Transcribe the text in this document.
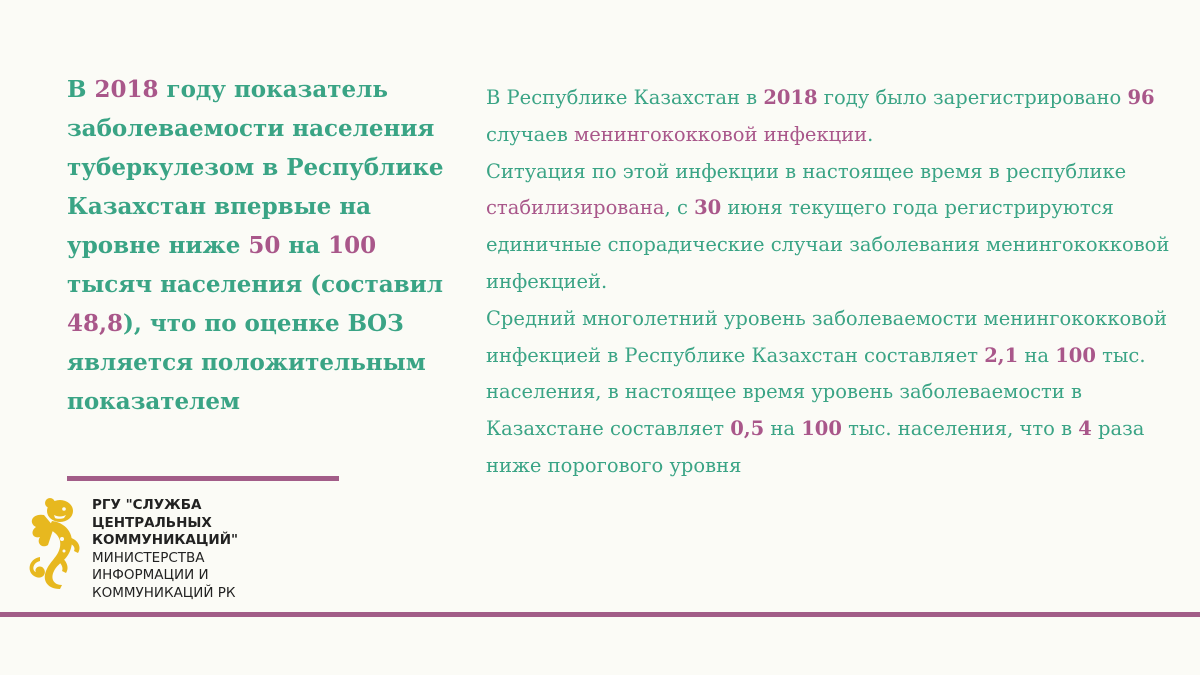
В 2018 году показатель заболеваемости населения туберкулезом в Республике Казахстан впервые на уровне ниже 50 на 100 тысяч населения (составил 48,8), что по оценке ВОЗ является положительным показателем

В Республике Казахстан в 2018 году было зарегистрировано 96 случаев менингококковой инфекции.
Ситуация по этой инфекции в настоящее время в республике стабилизирована, с 30 июня текущего года регистрируются единичные спорадические случаи заболевания менингококковой инфекцией.
Средний многолетний уровень заболеваемости менингококковой инфекцией в Республике Казахстан составляет 2,1 на 100 тыс. населения, в настоящее время уровень заболеваемости в Казахстане составляет 0,5 на 100 тыс. населения, что в 4 раза ниже порогового уровня

РГУ "СЛУЖБА
ЦЕНТРАЛЬНЫХ
КОММУНИКАЦИЙ"
МИНИСТЕРСТВА
ИНФОРМАЦИИ И
КОММУНИКАЦИЙ РК
